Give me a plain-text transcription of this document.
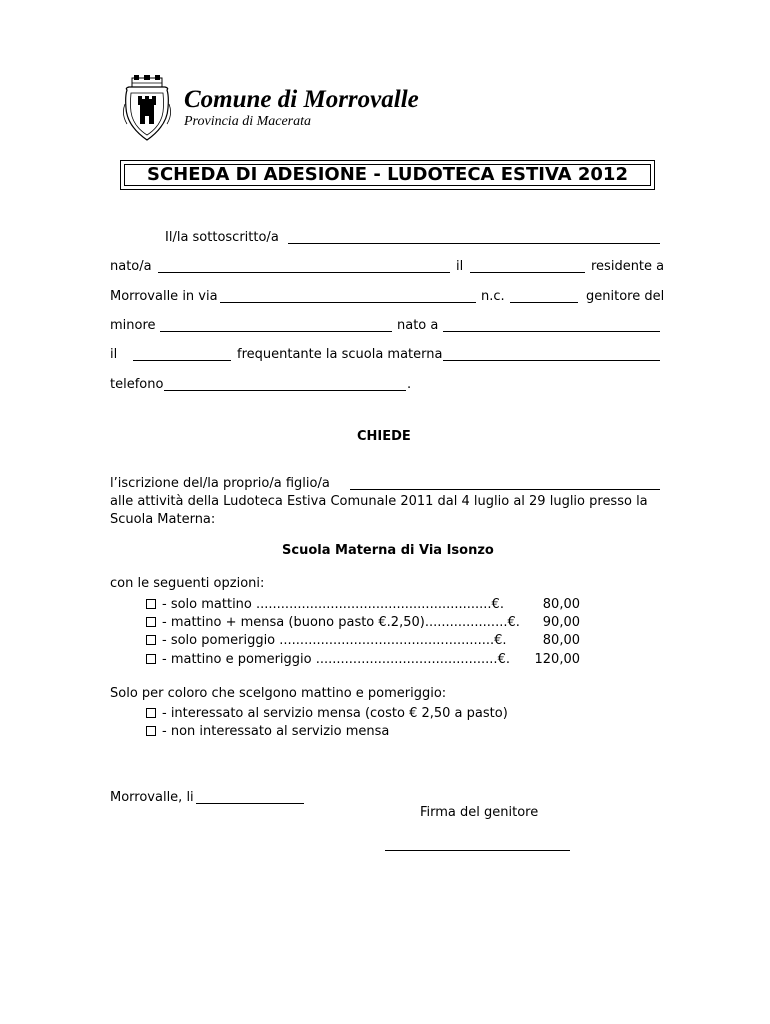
Comune di Morrovalle
Provincia di Macerata
SCHEDA DI ADESIONE - LUDOTECA ESTIVA 2012
Il/la sottoscritto/a
nato/a	il	residente a
Morrovalle in via	n.c.	genitore del
minore	nato a
il	frequentante la scuola materna
telefono	.
CHIEDE
l’iscrizione del/la proprio/a figlio/a
alle attività della Ludoteca Estiva Comunale 2011 dal 4 luglio al 29 luglio presso la
Scuola Materna:
Scuola Materna di Via Isonzo
con le seguenti opzioni:
- solo mattino .........................................................€.	80,00
- mattino + mensa (buono pasto €.2,50)....................€.	90,00
- solo pomeriggio ....................................................€.	80,00
- mattino e pomeriggio ............................................€.	120,00
Solo per coloro che scelgono mattino e pomeriggio:
- interessato al servizio mensa (costo € 2,50 a pasto)
- non interessato al servizio mensa
Morrovalle, li
Firma del genitore
